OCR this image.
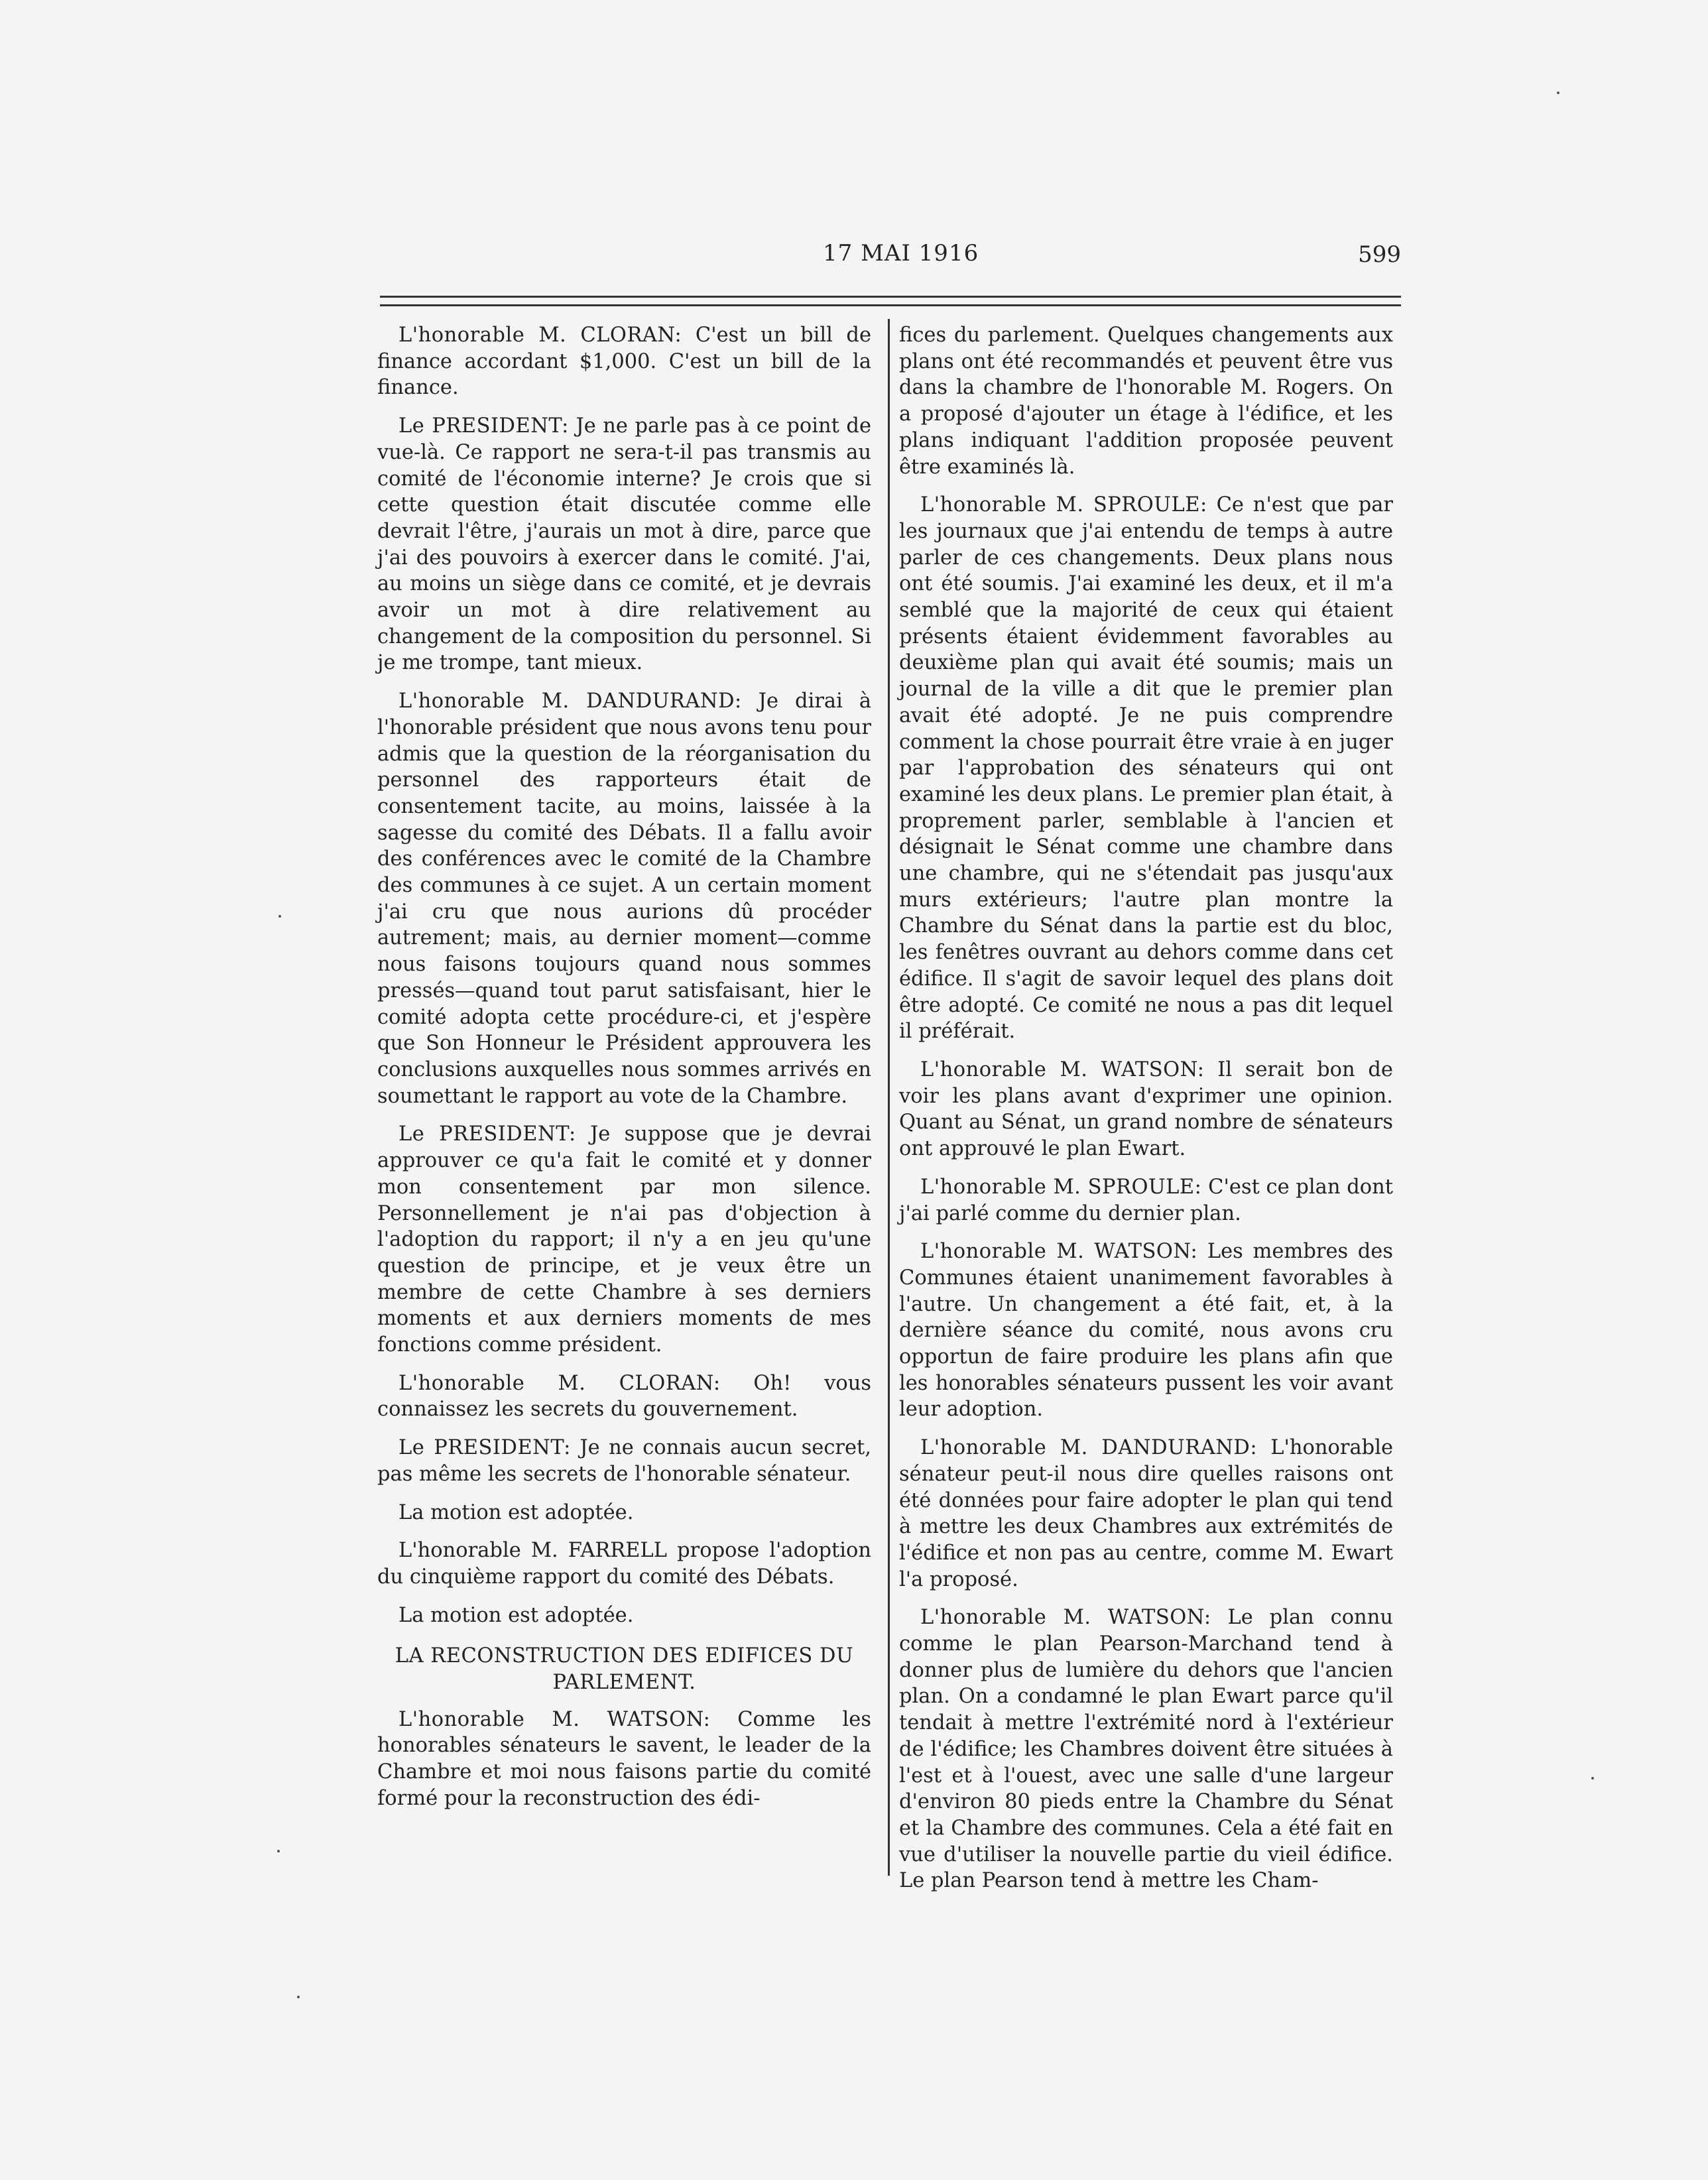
17 MAI 1916	599

L'honorable M. CLORAN: C'est un bill de finance accordant $1,000. C'est un bill de la finance.

Le PRESIDENT: Je ne parle pas à ce point de vue-là. Ce rapport ne sera-t-il pas transmis au comité de l'économie interne? Je crois que si cette question était discutée comme elle devrait l'être, j'aurais un mot à dire, parce que j'ai des pouvoirs à exercer dans le comité. J'ai, au moins un siège dans ce comité, et je devrais avoir un mot à dire relativement au changement de la composition du personnel. Si je me trompe, tant mieux.

L'honorable M. DANDURAND: Je dirai à l'honorable président que nous avons tenu pour admis que la question de la réorganisation du personnel des rapporteurs était de consentement tacite, au moins, laissée à la sagesse du comité des Débats. Il a fallu avoir des conférences avec le comité de la Chambre des communes à ce sujet. A un certain moment j'ai cru que nous aurions dû procéder autrement; mais, au dernier moment—comme nous faisons toujours quand nous sommes pressés—quand tout parut satisfaisant, hier le comité adopta cette procédure-ci, et j'espère que Son Honneur le Président approuvera les conclusions auxquelles nous sommes arrivés en soumettant le rapport au vote de la Chambre.

Le PRESIDENT: Je suppose que je devrai approuver ce qu'a fait le comité et y donner mon consentement par mon silence. Personnellement je n'ai pas d'objection à l'adoption du rapport; il n'y a en jeu qu'une question de principe, et je veux être un membre de cette Chambre à ses derniers moments et aux derniers moments de mes fonctions comme président.

L'honorable M. CLORAN: Oh! vous connaissez les secrets du gouvernement.

Le PRESIDENT: Je ne connais aucun secret, pas même les secrets de l'honorable sénateur.

La motion est adoptée.

L'honorable M. FARRELL propose l'adoption du cinquième rapport du comité des Débats.

La motion est adoptée.

LA RECONSTRUCTION DES EDIFICES DU PARLEMENT.

L'honorable M. WATSON: Comme les honorables sénateurs le savent, le leader de la Chambre et moi nous faisons partie du comité formé pour la reconstruction des édi-

fices du parlement. Quelques changements aux plans ont été recommandés et peuvent être vus dans la chambre de l'honorable M. Rogers. On a proposé d'ajouter un étage à l'édifice, et les plans indiquant l'addition proposée peuvent être examinés là.

L'honorable M. SPROULE: Ce n'est que par les journaux que j'ai entendu de temps à autre parler de ces changements. Deux plans nous ont été soumis. J'ai examiné les deux, et il m'a semblé que la majorité de ceux qui étaient présents étaient évidemment favorables au deuxième plan qui avait été soumis; mais un journal de la ville a dit que le premier plan avait été adopté. Je ne puis comprendre comment la chose pourrait être vraie à en juger par l'approbation des sénateurs qui ont examiné les deux plans. Le premier plan était, à proprement parler, semblable à l'ancien et désignait le Sénat comme une chambre dans une chambre, qui ne s'étendait pas jusqu'aux murs extérieurs; l'autre plan montre la Chambre du Sénat dans la partie est du bloc, les fenêtres ouvrant au dehors comme dans cet édifice. Il s'agit de savoir lequel des plans doit être adopté. Ce comité ne nous a pas dit lequel il préférait.

L'honorable M. WATSON: Il serait bon de voir les plans avant d'exprimer une opinion. Quant au Sénat, un grand nombre de sénateurs ont approuvé le plan Ewart.

L'honorable M. SPROULE: C'est ce plan dont j'ai parlé comme du dernier plan.

L'honorable M. WATSON: Les membres des Communes étaient unanimement favorables à l'autre. Un changement a été fait, et, à la dernière séance du comité, nous avons cru opportun de faire produire les plans afin que les honorables sénateurs pussent les voir avant leur adoption.

L'honorable M. DANDURAND: L'honorable sénateur peut-il nous dire quelles raisons ont été données pour faire adopter le plan qui tend à mettre les deux Chambres aux extrémités de l'édifice et non pas au centre, comme M. Ewart l'a proposé.

L'honorable M. WATSON: Le plan connu comme le plan Pearson-Marchand tend à donner plus de lumière du dehors que l'ancien plan. On a condamné le plan Ewart parce qu'il tendait à mettre l'extrémité nord à l'extérieur de l'édifice; les Chambres doivent être situées à l'est et à l'ouest, avec une salle d'une largeur d'environ 80 pieds entre la Chambre du Sénat et la Chambre des communes. Cela a été fait en vue d'utiliser la nouvelle partie du vieil édifice. Le plan Pearson tend à mettre les Cham-
